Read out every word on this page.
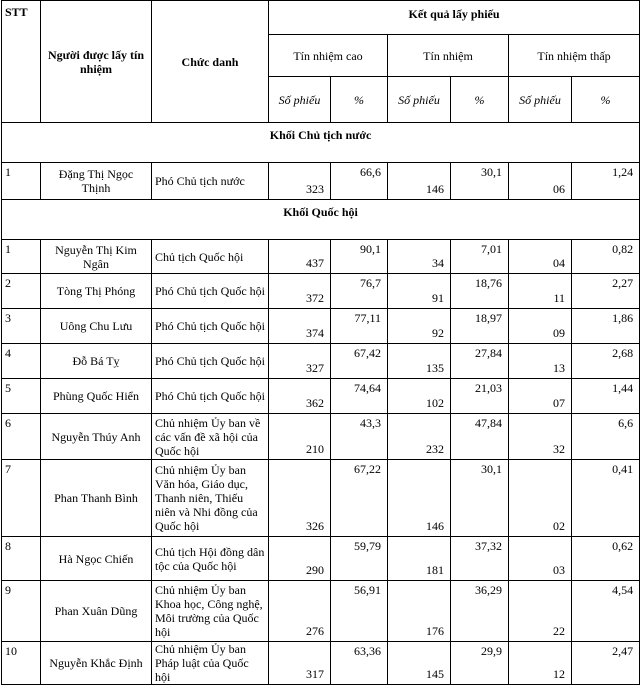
STT	Người được lấy tín nhiệm	Chức danh	Kết quả lấy phiếu					
			Tín nhiệm cao		Tín nhiệm		Tín nhiệm thấp	
			Số phiếu	%	Số phiếu	%	Số phiếu	%
Khối Chủ tịch nước								
1	Đặng Thị Ngọc Thịnh	Phó Chủ tịch nước	323	66,6	146	30,1	06	1,24
Khối Quốc hội								
1	Nguyễn Thị Kim Ngân	Chủ tịch Quốc hội	437	90,1	34	7,01	04	0,82
2	Tòng Thị Phóng	Phó Chủ tịch Quốc hội	372	76,7	91	18,76	11	2,27
3	Uông Chu Lưu	Phó Chủ tịch Quốc hội	374	77,11	92	18,97	09	1,86
4	Đỗ Bá Tỵ	Phó Chủ tịch Quốc hội	327	67,42	135	27,84	13	2,68
5	Phùng Quốc Hiển	Phó Chủ tịch Quốc hội	362	74,64	102	21,03	07	1,44
6	Nguyễn Thúy Anh	Chủ nhiệm Ủy ban về các vấn đề xã hội của Quốc hội	210	43,3	232	47,84	32	6,6
7	Phan Thanh Bình	Chủ nhiệm Ủy ban Văn hóa, Giáo dục, Thanh niên, Thiếu niên và Nhi đồng của Quốc hội	326	67,22	146	30,1	02	0,41
8	Hà Ngọc Chiến	Chủ tịch Hội đồng dân tộc của Quốc hội	290	59,79	181	37,32	03	0,62
9	Phan Xuân Dũng	Chủ nhiệm Ủy ban Khoa học, Công nghệ, Môi trường của Quốc hội	276	56,91	176	36,29	22	4,54
10	Nguyễn Khắc Định	Chủ nhiệm Ủy ban Pháp luật của Quốc hội	317	63,36	145	29,9	12	2,47
